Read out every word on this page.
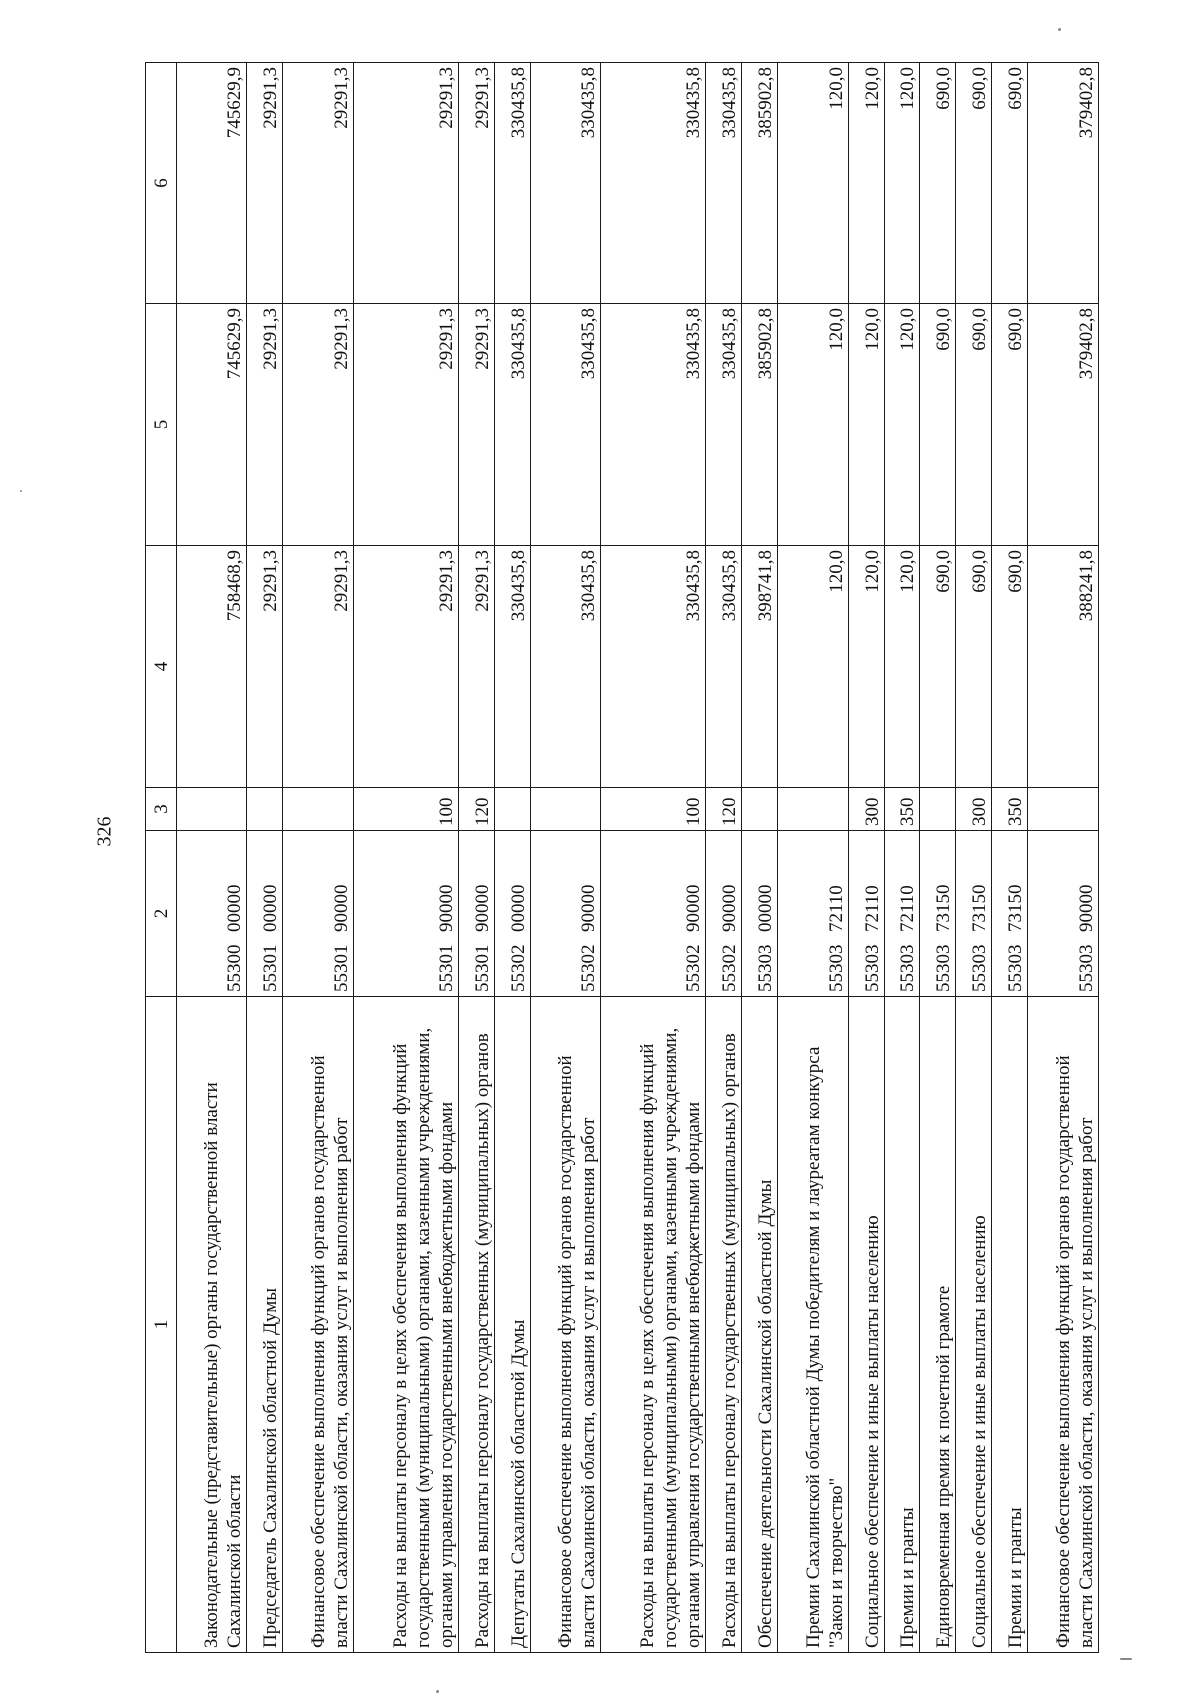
326
1	2	3	4	5	6
Законодательные (представительные) органы государственной власти Сахалинской области	5530000000		758468,9	745629,9	745629,9
Председатель Сахалинской областной Думы	5530100000		29291,3	29291,3	29291,3
Финансовое обеспечение выполнения функций органов государственной власти Сахалинской области, оказания услуг и выполнения работ	5530190000		29291,3	29291,3	29291,3
Расходы на выплаты персоналу в целях обеспечения выполнения функций государственными (муниципальными) органами, казенными учреждениями, органами управления государственными внебюджетными фондами	5530190000	100	29291,3	29291,3	29291,3
Расходы на выплаты персоналу государственных (муниципальных) органов	5530190000	120	29291,3	29291,3	29291,3
Депутаты Сахалинской областной Думы	5530200000		330435,8	330435,8	330435,8
Финансовое обеспечение выполнения функций органов государственной власти Сахалинской области, оказания услуг и выполнения работ	5530290000		330435,8	330435,8	330435,8
Расходы на выплаты персоналу в целях обеспечения выполнения функций государственными (муниципальными) органами, казенными учреждениями, органами управления государственными внебюджетными фондами	5530290000	100	330435,8	330435,8	330435,8
Расходы на выплаты персоналу государственных (муниципальных) органов	5530290000	120	330435,8	330435,8	330435,8
Обеспечение деятельности Сахалинской областной Думы	5530300000		398741,8	385902,8	385902,8
Премии Сахалинской областной Думы победителям и лауреатам конкурса "Закон и творчество"	5530372110		120,0	120,0	120,0
Социальное обеспечение и иные выплаты населению	5530372110	300	120,0	120,0	120,0
Премии и гранты	5530372110	350	120,0	120,0	120,0
Единовременная премия к почетной грамоте	5530373150		690,0	690,0	690,0
Социальное обеспечение и иные выплаты населению	5530373150	300	690,0	690,0	690,0
Премии и гранты	5530373150	350	690,0	690,0	690,0
Финансовое обеспечение выполнения функций органов государственной власти Сахалинской области, оказания услуг и выполнения работ	5530390000		388241,8	379402,8	379402,8
